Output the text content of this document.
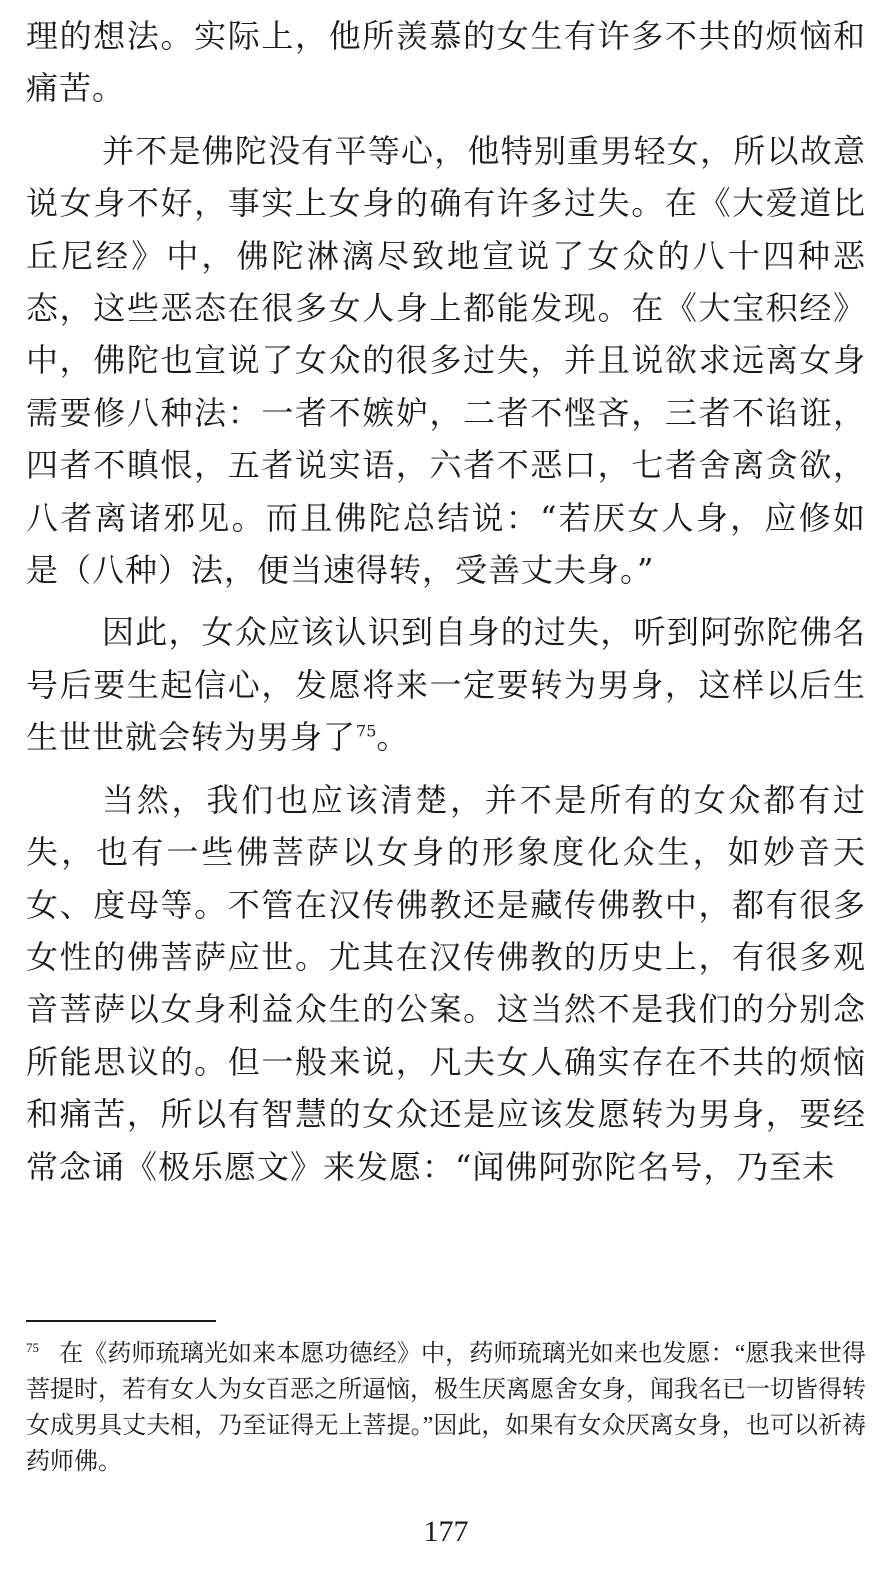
理的想法。实际上，他所羡慕的女生有许多不共的烦恼和痛苦。

并不是佛陀没有平等心，他特别重男轻女，所以故意说女身不好，事实上女身的确有许多过失。在《大爱道比丘尼经》中，佛陀淋漓尽致地宣说了女众的八十四种恶态，这些恶态在很多女人身上都能发现。在《大宝积经》中，佛陀也宣说了女众的很多过失，并且说欲求远离女身需要修八种法：一者不嫉妒，二者不悭吝，三者不谄诳，四者不瞋恨，五者说实语，六者不恶口，七者舍离贪欲，八者离诸邪见。而且佛陀总结说：“若厌女人身，应修如是（八种）法，便当速得转，受善丈夫身。”

因此，女众应该认识到自身的过失，听到阿弥陀佛名号后要生起信心，发愿将来一定要转为男身，这样以后生生世世就会转为男身了$^{75}$。

当然，我们也应该清楚，并不是所有的女众都有过失，也有一些佛菩萨以女身的形象度化众生，如妙音天女、度母等。不管在汉传佛教还是藏传佛教中，都有很多女性的佛菩萨应世。尤其在汉传佛教的历史上，有很多观音菩萨以女身利益众生的公案。这当然不是我们的分别念所能思议的。但一般来说，凡夫女人确实存在不共的烦恼和痛苦，所以有智慧的女众还是应该发愿转为男身，要经常念诵《极乐愿文》来发愿：“闻佛阿弥陀名号，乃至未

$^{75}$ 在《药师琉璃光如来本愿功德经》中，药师琉璃光如来也发愿：“愿我来世得菩提时，若有女人为女百恶之所逼恼，极生厌离愿舍女身，闻我名已一切皆得转女成男具丈夫相，乃至证得无上菩提。”因此，如果有女众厌离女身，也可以祈祷药师佛。
177
